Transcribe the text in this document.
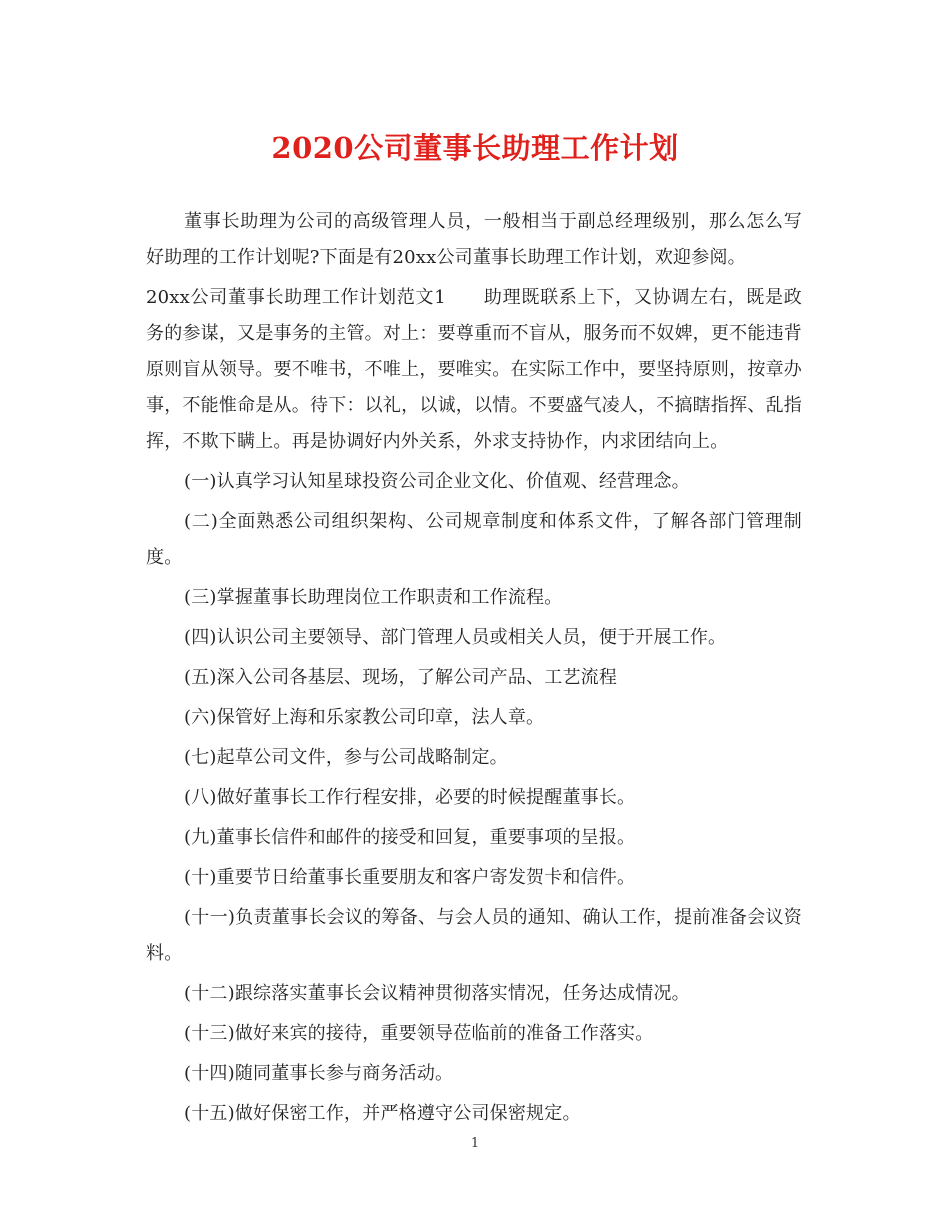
2020公司董事长助理工作计划

董事长助理为公司的高级管理人员，一般相当于副总经理级别，那么怎么写好助理的工作计划呢?下面是有20xx公司董事长助理工作计划，欢迎参阅。

20xx公司董事长助理工作计划范文1　　助理既联系上下，又协调左右，既是政务的参谋，又是事务的主管。对上：要尊重而不盲从，服务而不奴婢，更不能违背原则盲从领导。要不唯书，不唯上，要唯实。在实际工作中，要坚持原则，按章办事，不能惟命是从。待下：以礼，以诚，以情。不要盛气凌人，不搞瞎指挥、乱指挥，不欺下瞒上。再是协调好内外关系，外求支持协作，内求团结向上。

(一)认真学习认知星球投资公司企业文化、价值观、经营理念。

(二)全面熟悉公司组织架构、公司规章制度和体系文件，了解各部门管理制度。

(三)掌握董事长助理岗位工作职责和工作流程。

(四)认识公司主要领导、部门管理人员或相关人员，便于开展工作。

(五)深入公司各基层、现场，了解公司产品、工艺流程

(六)保管好上海和乐家教公司印章，法人章。

(七)起草公司文件，参与公司战略制定。

(八)做好董事长工作行程安排，必要的时候提醒董事长。

(九)董事长信件和邮件的接受和回复，重要事项的呈报。

(十)重要节日给董事长重要朋友和客户寄发贺卡和信件。

(十一)负责董事长会议的筹备、与会人员的通知、确认工作，提前准备会议资料。

(十二)跟综落实董事长会议精神贯彻落实情况，任务达成情况。

(十三)做好来宾的接待，重要领导莅临前的准备工作落实。

(十四)随同董事长参与商务活动。

(十五)做好保密工作，并严格遵守公司保密规定。

1
